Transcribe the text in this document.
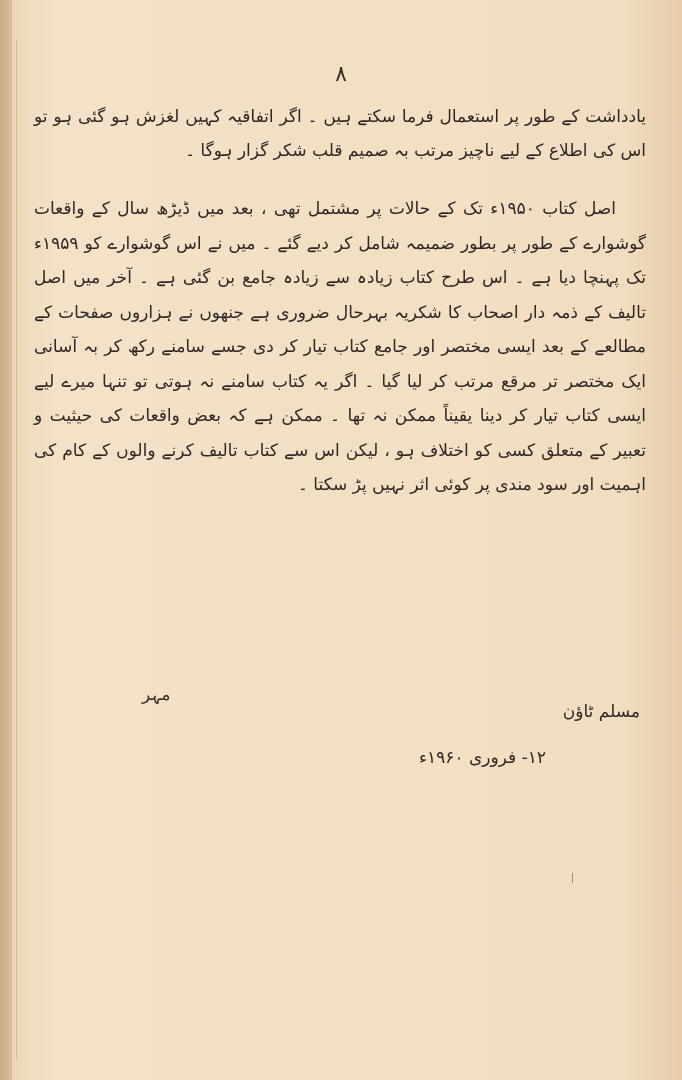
۸

یادداشت کے طور پر استعمال فرما سکتے ہیں ۔ اگر اتفاقیہ کہیں لغزش ہو گئی ہو تو اس کی اطلاع کے لیے ناچیز مرتب بہ صمیم قلب شکر گزار ہوگا ۔

اصل کتاب ۱۹۵۰ء تک کے حالات پر مشتمل تھی ، بعد میں ڈیڑھ سال کے واقعات گوشوارے کے طور پر بطور ضمیمہ شامل کر دیے گئے ۔ میں نے اس گوشوارے کو ۱۹۵۹ء تک پہنچا دیا ہے ۔ اس طرح کتاب زیادہ سے زیادہ جامع بن گئی ہے ۔ آخر میں اصل تالیف کے ذمہ دار اصحاب کا شکریہ بہرحال ضروری ہے جنھوں نے ہزاروں صفحات کے مطالعے کے بعد ایسی مختصر اور جامع کتاب تیار کر دی جسے سامنے رکھ کر بہ آسانی ایک مختصر تر مرقع مرتب کر لیا گیا ۔ اگر یہ کتاب سامنے نہ ہوتی تو تنہا میرے لیے ایسی کتاب تیار کر دینا یقیناً ممکن نہ تھا ۔ ممکن ہے کہ بعض واقعات کی حیثیت و تعبیر کے متعلق کسی کو اختلاف ہو ، لیکن اس سے کتاب تالیف کرنے والوں کے کام کی اہمیت اور سود مندی پر کوئی اثر نہیں پڑ سکتا ۔

مہر
مسلم ٹاؤن
۱۲- فروری ۱۹۶۰ء
